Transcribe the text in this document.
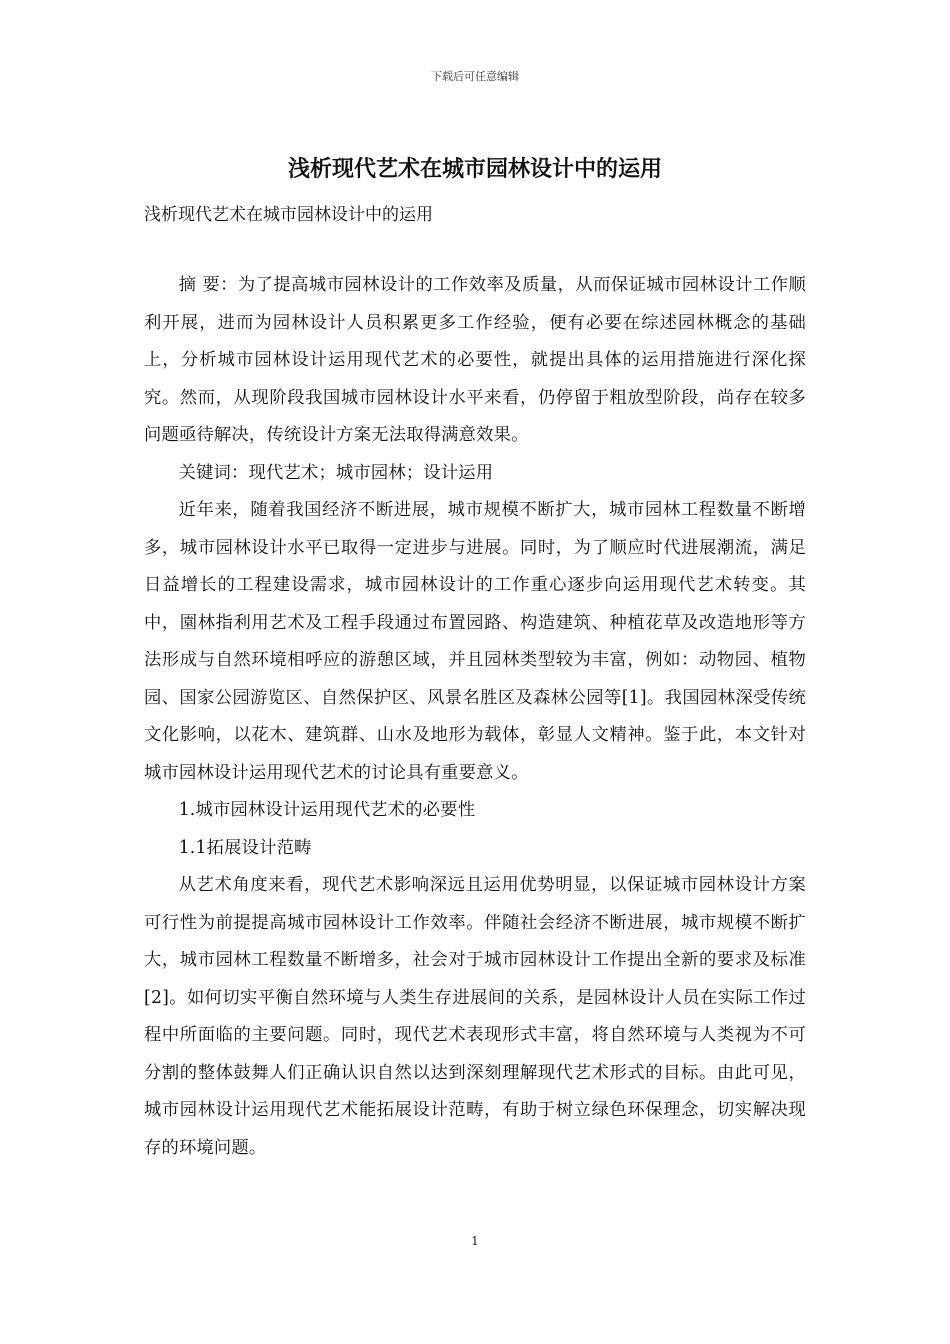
下载后可任意编辑
浅析现代艺术在城市园林设计中的运用
浅析现代艺术在城市园林设计中的运用

摘 要：为了提高城市园林设计的工作效率及质量，从而保证城市园林设计工作顺利开展，进而为园林设计人员积累更多工作经验，便有必要在综述园林概念的基础上，分析城市园林设计运用现代艺术的必要性，就提出具体的运用措施进行深化探究。然而，从现阶段我国城市园林设计水平来看，仍停留于粗放型阶段，尚存在较多问题亟待解决，传统设计方案无法取得满意效果。

关键词：现代艺术；城市园林；设计运用

近年来，随着我国经济不断进展，城市规模不断扩大，城市园林工程数量不断增多，城市园林设计水平已取得一定进步与进展。同时，为了顺应时代进展潮流，满足日益增长的工程建设需求，城市园林设计的工作重心逐步向运用现代艺术转变。其中，園林指利用艺术及工程手段通过布置园路、构造建筑、种植花草及改造地形等方法形成与自然环境相呼应的游憩区域，并且园林类型较为丰富，例如：动物园、植物园、国家公园游览区、自然保护区、风景名胜区及森林公园等[1]。我国园林深受传统文化影响，以花木、建筑群、山水及地形为载体，彰显人文精神。鉴于此，本文针对城市园林设计运用现代艺术的讨论具有重要意义。

1.城市园林设计运用现代艺术的必要性

1.1拓展设计范畴

从艺术角度来看，现代艺术影响深远且运用优势明显，以保证城市园林设计方案可行性为前提提高城市园林设计工作效率。伴随社会经济不断进展，城市规模不断扩大，城市园林工程数量不断增多，社会对于城市园林设计工作提出全新的要求及标准[2]。如何切实平衡自然环境与人类生存进展间的关系，是园林设计人员在实际工作过程中所面临的主要问题。同时，现代艺术表现形式丰富，将自然环境与人类视为不可分割的整体鼓舞人们正确认识自然以达到深刻理解现代艺术形式的目标。由此可见，城市园林设计运用现代艺术能拓展设计范畴，有助于树立绿色环保理念，切实解决现存的环境问题。

1
